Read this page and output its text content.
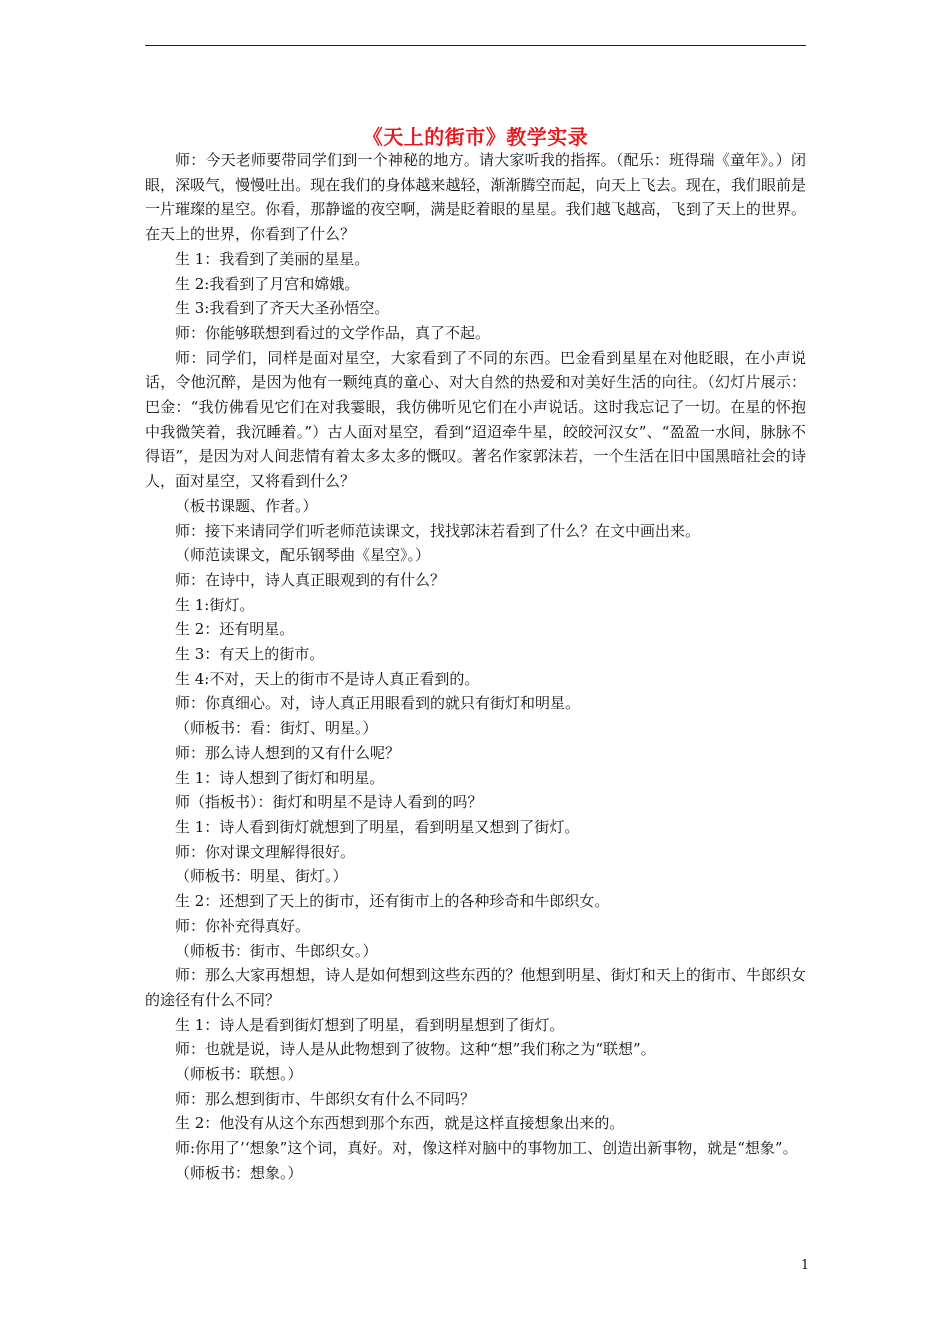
《天上的街市》教学实录

师：今天老师要带同学们到一个神秘的地方。请大家听我的指挥。（配乐：班得瑞《童年》。）闭眼，深吸气，慢慢吐出。现在我们的身体越来越轻，渐渐腾空而起，向天上飞去。现在，我们眼前是一片璀璨的星空。你看，那静谧的夜空啊，满是眨着眼的星星。我们越飞越高，飞到了天上的世界。在天上的世界，你看到了什么？

生 1：我看到了美丽的星星。

生 2:我看到了月宫和嫦娥。

生 3:我看到了齐天大圣孙悟空。

师：你能够联想到看过的文学作品，真了不起。

师：同学们，同样是面对星空，大家看到了不同的东西。巴金看到星星在对他眨眼，在小声说话，令他沉醉，是因为他有一颗纯真的童心、对大自然的热爱和对美好生活的向往。（幻灯片展示：巴金：“我仿佛看见它们在对我霎眼，我仿佛听见它们在小声说话。这时我忘记了一切。在星的怀抱中我微笑着，我沉睡着。”）古人面对星空，看到“迢迢牵牛星，皎皎河汉女”、“盈盈一水间，脉脉不得语”，是因为对人间悲情有着太多太多的慨叹。著名作家郭沫若，一个生活在旧中国黑暗社会的诗人，面对星空，又将看到什么？

（板书课题、作者。）

师：接下来请同学们听老师范读课文，找找郭沫若看到了什么？在文中画出来。

（师范读课文，配乐钢琴曲《星空》。）

师：在诗中，诗人真正眼观到的有什么？

生 1:街灯。

生 2：还有明星。

生 3：有天上的街市。

生 4:不对，天上的街市不是诗人真正看到的。

师：你真细心。对，诗人真正用眼看到的就只有街灯和明星。

（师板书：看：街灯、明星。）

师：那么诗人想到的又有什么呢？

生 1：诗人想到了街灯和明星。

师（指板书）：街灯和明星不是诗人看到的吗？

生 1：诗人看到街灯就想到了明星，看到明星又想到了街灯。

师：你对课文理解得很好。

（师板书：明星、街灯。）

生 2：还想到了天上的街市，还有街市上的各种珍奇和牛郎织女。

师：你补充得真好。

（师板书：街市、牛郎织女。）

师：那么大家再想想，诗人是如何想到这些东西的？他想到明星、街灯和天上的街市、牛郎织女的途径有什么不同？

生 1：诗人是看到街灯想到了明星，看到明星想到了街灯。

师：也就是说，诗人是从此物想到了彼物。这种“想”我们称之为“联想”。

（师板书：联想。）

师：那么想到街市、牛郎织女有什么不同吗？

生 2：他没有从这个东西想到那个东西，就是这样直接想象出来的。

师:你用了’‘想象”这个词，真好。对，像这样对脑中的事物加工、创造出新事物，就是“想象”。

（师板书：想象。）

1
